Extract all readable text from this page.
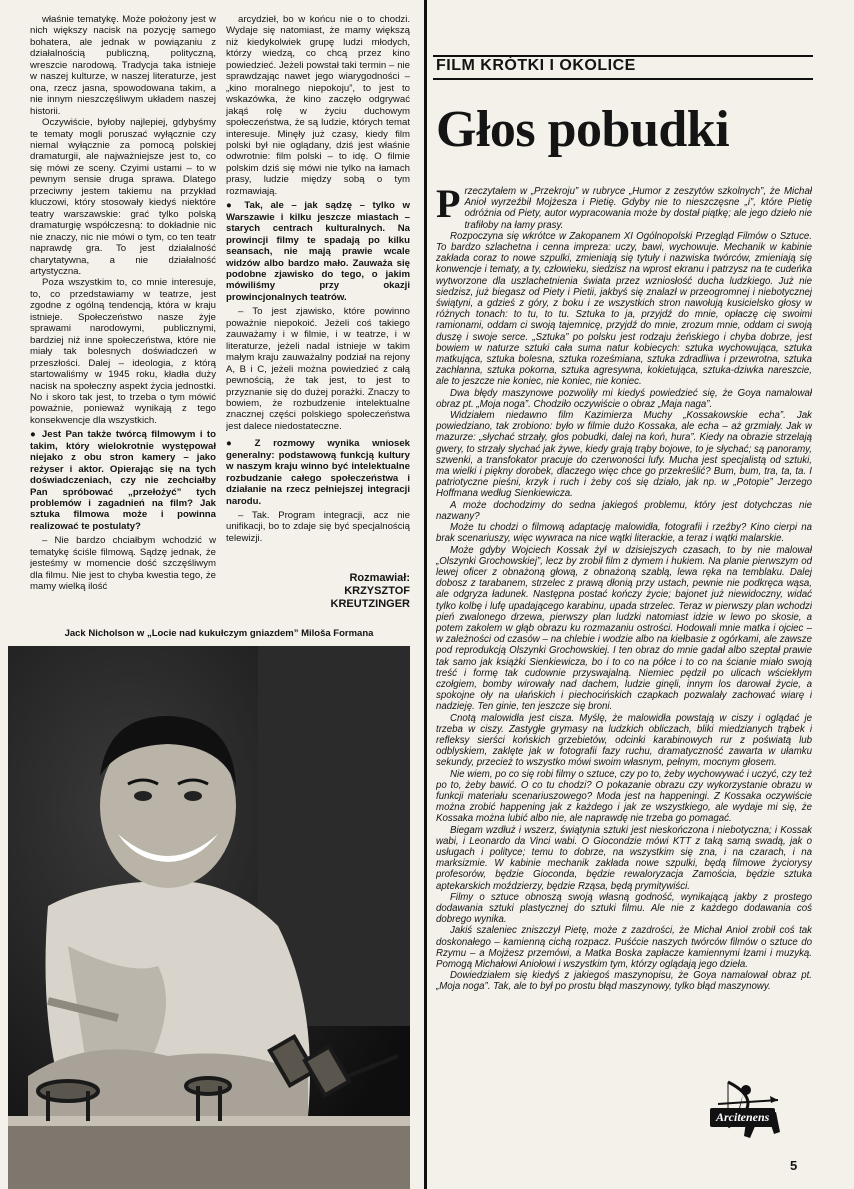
właśnie tematykę. Może położony jest w nich większy nacisk na pozycję samego bohatera, ale jednak w powiązaniu z działalnością publiczną, polityczną, wreszcie narodową. Tradycja taka istnieje w naszej kulturze, w naszej literaturze, jest ona, rzecz jasna, spowodowana takim, a nie innym nieszczęśliwym układem naszej historii.

Oczywiście, byłoby najlepiej, gdybyśmy te tematy mogli poruszać wyłącznie czy niemal wyłącznie za pomocą polskiej dramaturgii, ale najważniejsze jest to, co się mówi ze sceny. Czyimi ustami – to w pewnym sensie druga sprawa. Dlatego przeciwny jestem takiemu na przykład kluczowi, który stosowały kiedyś niektóre teatry warszawskie: grać tylko polską dramaturgię współczesną: to dokładnie nic nie znaczy, nic nie mówi o tym, co ten teatr naprawdę gra. To jest działalność charytatywna, a nie działalność artystyczna.

Poza wszystkim to, co mnie interesuje, to, co przedstawiamy w teatrze, jest zgodne z ogólną tendencją, która w kraju istnieje. Społeczeństwo nasze żyje sprawami narodowymi, publicznymi, bardziej niż inne społeczeństwa, które nie miały tak bolesnych doświadczeń w przeszłości. Dalej – ideologia, z którą startowaliśmy w 1945 roku, kładła duży nacisk na społeczny aspekt życia jednostki. No i skoro tak jest, to trzeba o tym mówić poważnie, ponieważ wynikają z tego konsekwencje dla wszystkich.

● Jest Pan także twórcą filmowym i to takim, który wielokrotnie występował niejako z obu stron kamery – jako reżyser i aktor. Opierając się na tych doświadczeniach, czy nie zechciałby Pan spróbować „przełożyć” tych problemów i zagadnień na film? Jak sztuka filmowa może i powinna realizować te postulaty?

– Nie bardzo chciałbym wchodzić w tematykę ściśle filmową. Sądzę jednak, że jesteśmy w momencie dość szczęśliwym dla filmu. Nie jest to chyba kwestia tego, że mamy wielką ilość

arcydzieł, bo w końcu nie o to chodzi. Wydaje się natomiast, że mamy większą niż kiedykolwiek grupę ludzi młodych, którzy wiedzą, co chcą przez kino powiedzieć. Jeżeli powstał taki termin – nie sprawdzając nawet jego wiarygodności – „kino moralnego niepokoju”, to jest to wskazówka, że kino zaczęło odgrywać jakąś rolę w życiu duchowym społeczeństwa, że są ludzie, których temat interesuje. Minęły już czasy, kiedy film polski był nie oglądany, dziś jest właśnie odwrotnie: film polski – to idę. O filmie polskim dziś się mówi nie tylko na łamach prasy, ludzie między sobą o tym rozmawiają.

● Tak, ale – jak sądzę – tylko w Warszawie i kilku jeszcze miastach – starych centrach kulturalnych. Na prowincji filmy te spadają po kilku seansach, nie mają prawie wcale widzów albo bardzo mało. Zauważa się podobne zjawisko do tego, o jakim mówiliśmy przy okazji prowincjonalnych teatrów.

– To jest zjawisko, które powinno poważnie niepokoić. Jeżeli coś takiego zauważamy i w filmie, i w teatrze, i w literaturze, jeżeli nadal istnieje w takim małym kraju zauważalny podział na rejony A, B i C, jeżeli można powiedzieć z całą pewnością, że tak jest, to jest to przyznanie się do dużej porażki. Znaczy to bowiem, że rozbudzenie intelektualne znacznej części polskiego społeczeństwa jest dalece niedostateczne.

● Z rozmowy wynika wniosek generalny: podstawową funkcją kultury w naszym kraju winno być intelektualne rozbudzanie całego społeczeństwa i działanie na rzecz pełniejszej integracji narodu.

– Tak. Program integracji, acz nie unifikacji, bo to zdaje się być specjalnością telewizji.

Rozmawiał:
KRZYSZTOF KREUTZINGER
Jack Nicholson w „Locie nad kukułczym gniazdem” Miloša Formana
FILM KRÓTKI I OKOLICE
Głos pobudki

Przeczytałem w „Przekroju” w rubryce „Humor z zeszytów szkolnych”, że Michał Anioł wyrzeźbił Mojżesza i Pietię. Gdyby nie to nieszczęsne „i”, które Pietię odróżnia od Piety, autor wypracowania może by dostał piątkę; ale jego dzieło nie trafiłoby na łamy prasy.

Rozpoczyna się wkrótce w Zakopanem XI Ogólnopolski Przegląd Filmów o Sztuce. To bardzo szlachetna i cenna impreza: uczy, bawi, wychowuje. Mechanik w kabinie zakłada coraz to nowe szpulki, zmieniają się tytuły i nazwiska twórców, zmieniają się konwencje i tematy, a ty, człowieku, siedzisz na wprost ekranu i patrzysz na te cudeńka wytworzone dla uszlachetnienia świata przez wzniosłość ducha ludzkiego. Już nie siedzisz, już biegasz od Piety i Pietii, jakbyś się znalazł w przeogromnej i niebotycznej świątyni, a gdzieś z góry, z boku i ze wszystkich stron nawołują kusicielsko głosy w różnych tonach: to tu, to tu. Sztuka to ja, przyjdź do mnie, opłaczę cię swoimi ramionami, oddam ci swoją tajemnicę, przyjdź do mnie, zrozum mnie, oddam ci swoją duszę i swoje serce. „Sztuka” po polsku jest rodzaju żeńskiego i chyba dobrze, jest bowiem w naturze sztuki cała suma natur kobiecych: sztuka wychowująca, sztuka matkująca, sztuka bolesna, sztuka roześmiana, sztuka zdradliwa i przewrotna, sztuka zachłanna, sztuka pokorna, sztuka agresywna, kokietująca, sztuka-dziwka nareszcie, ale to jeszcze nie koniec, nie koniec, nie koniec.

Dwa błędy maszynowe pozwoliły mi kiedyś powiedzieć się, że Goya namalował obraz pt. „Moja noga”. Chodziło oczywiście o obraz „Maja naga”.

Widziałem niedawno film Kazimierza Muchy „Kossakowskie echa”. Jak powiedziano, tak zrobiono: było w filmie dużo Kossaka, ale echa – aż grzmiały. Jak w mazurze: „słychać strzały, głos pobudki, dalej na koń, hura”. Kiedy na obrazie strzelają gwery, to strzały słychać jak żywe, kiedy grają trąby bojowe, to je słychać; są panoramy, szwenki, a transfokator pracuje do czerwoności lufy. Mucha jest specjalistą od sztuki, ma wielki i piękny dorobek, dlaczego więc chce go przekreślić? Bum, bum, tra, ta, ta. I patriotyczne pieśni, krzyk i ruch i żeby coś się działo, jak np. w „Potopie” Jerzego Hoffmana według Sienkiewicza.

A może dochodzimy do sedna jakiegoś problemu, który jest dotychczas nie nazwany?

Może tu chodzi o filmową adaptację malowidła, fotografii i rzeźby? Kino cierpi na brak scenariuszy, więc wywraca na nice wątki literackie, a teraz i wątki malarskie.

Może gdyby Wojciech Kossak żył w dzisiejszych czasach, to by nie malował „Olszynki Grochowskiej”, lecz by zrobił film z dymem i hukiem. Na planie pierwszym od lewej oficer z obnażoną głową, z obnażoną szablą, lewa ręka na temblaku. Dalej dobosz z tarabanem, strzelec z prawą dłonią przy ustach, pewnie nie podkręca wąsa, ale odgryza ładunek. Następna postać kończy życie; bajonet już niewidoczny, widać tylko kolbę i lufę upadającego karabinu, upada strzelec. Teraz w pierwszy plan wchodzi pień zwalonego drzewa, pierwszy plan ludzki natomiast idzie w lewo po skosie, a potem zakolem w głąb obrazu ku rozmazaniu ostrości. Hodowali mnie matka i ojciec – w zależności od czasów – na chlebie i wodzie albo na kiełbasie z ogórkami, ale zawsze pod reprodukcją Olszynki Grochowskiej. I ten obraz do mnie gadał albo szeptał prawie tak samo jak książki Sienkiewicza, bo i to co na półce i to co na ścianie miało swoją treść i formę tak cudownie przyswajalną. Niemiec pędził po ulicach wściekłym czołgiem, bomby wirowały nad dachem, ludzie ginęli, innym los darował życie, a spokojne oły na ułańskich i piechocińskich czapkach pozwalały zachować wiarę i nadzieję. Ten ginie, ten jeszcze się broni.

Cnotą malowidła jest cisza. Myślę, że malowidła powstają w ciszy i oglądać je trzeba w ciszy. Zastygłe grymasy na ludzkich obliczach, bliki miedzianych trąbek i refleksy sierści końskich grzebietów, odcinki karabinowych rur z poświatą lub odblyskiem, zaklęte jak w fotografii fazy ruchu, dramatyczność zawarta w ułamku sekundy, przecież to wszystko mówi swoim własnym, pełnym, mocnym głosem.

Nie wiem, po co się robi filmy o sztuce, czy po to, żeby wychowywać i uczyć, czy też po to, żeby bawić. O co tu chodzi? O pokazanie obrazu czy wykorzystanie obrazu w funkcji materiału scenariuszowego? Moda jest na happeningi. Z Kossaka oczywiście można zrobić happening jak z każdego i jak ze wszystkiego, ale wydaje mi się, że Kossaka można lubić albo nie, ale naprawdę nie trzeba go pomagać.

Biegam wzdłuż i wszerz, świątynia sztuki jest nieskończona i niebotyczna; i Kossak wabi, i Leonardo da Vinci wabi. O Giocondzie mówi KTT z taką samą swadą, jak o usługach i polityce; temu to dobrze, na wszystkim się zna, i na czarach, i na marksizmie. W kabinie mechanik zakłada nowe szpulki, będą filmowe życiorysy profesorów, będzie Gioconda, będzie rewaloryzacja Zamościa, będzie sztuka aptekarskich moździerzy, będzie Rząsa, będą prymitywiści.

Filmy o sztuce obnoszą swoją własną godność, wynikającą jakby z prostego dodawania sztuki plastycznej do sztuki filmu. Ale nie z każdego dodawania coś dobrego wynika.

Jakiś szaleniec zniszczył Pietę, może z zazdrości, że Michał Anioł zrobił coś tak doskonałego – kamienną cichą rozpacz. Puśćcie naszych twórców filmów o sztuce do Rzymu – a Mojżesz przemówi, a Matka Boska zapłacze kamiennymi łzami i muzyką. Pomogą Michałowi Aniołowi i wszystkim tym, którzy oglądają jego dzieła.

Dowiedziałem się kiedyś z jakiegoś maszynopisu, że Goya namalował obraz pt. „Moja noga”. Tak, ale to był po prostu błąd maszynowy, tylko błąd maszynowy.

Arcitenens
5
